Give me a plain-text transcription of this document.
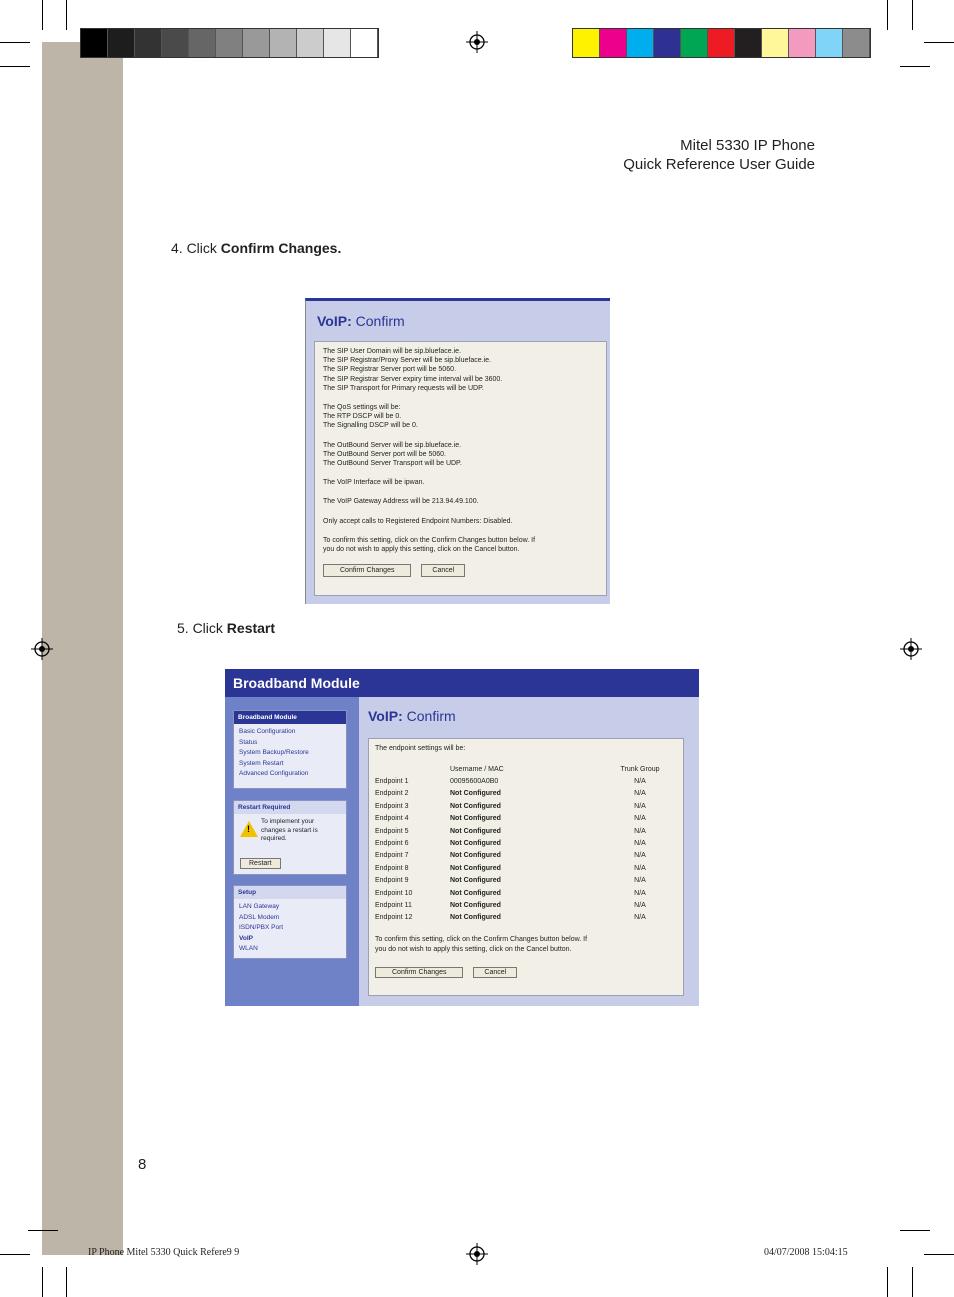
Mitel 5330 IP Phone
Quick Reference User Guide
4. Click Confirm Changes.
VoIP: Confirm

The SIP User Domain will be sip.blueface.ie.

The SIP Registrar/Proxy Server will be sip.blueface.ie.

The SIP Registrar Server port will be 5060.

The SIP Registrar Server expiry time interval will be 3600.

The SIP Transport for Primary requests will be UDP.

The QoS settings will be:

The RTP DSCP will be 0.

The Signalling DSCP will be 0.

The OutBound Server will be sip.blueface.ie.

The OutBound Server port will be 5060.

The OutBound Server Transport will be UDP.

The VoIP Interface will be ipwan.

The VoIP Gateway Address will be 213.94.49.100.

Only accept calls to Registered Endpoint Numbers: Disabled.

To confirm this setting, click on the Confirm Changes button below. If

you do not wish to apply this setting, click on the Cancel button.

Confirm Changes	Cancel
5. Click Restart
Broadband Module
Broadband Module
Basic Configuration
Status
System Backup/Restore
System Restart
Advanced Configuration
Restart Required
!
To implement your
changes a restart is
required.
Restart
Setup
LAN Gateway
ADSL Modem
ISDN/PBX Port
VoIP
WLAN
VoIP: Confirm
The endpoint settings will be:
	Username / MAC	Trunk Group
Endpoint 1	00095600A0B0	N/A
Endpoint 2	Not Configured	N/A
Endpoint 3	Not Configured	N/A
Endpoint 4	Not Configured	N/A
Endpoint 5	Not Configured	N/A
Endpoint 6	Not Configured	N/A
Endpoint 7	Not Configured	N/A
Endpoint 8	Not Configured	N/A
Endpoint 9	Not Configured	N/A
Endpoint 10	Not Configured	N/A
Endpoint 11	Not Configured	N/A
Endpoint 12	Not Configured	N/A
To confirm this setting, click on the Confirm Changes button below. If
you do not wish to apply this setting, click on the Cancel button.
Confirm Changes	Cancel
8
IP Phone Mitel 5330 Quick Refere9 9	04/07/2008 15:04:15
